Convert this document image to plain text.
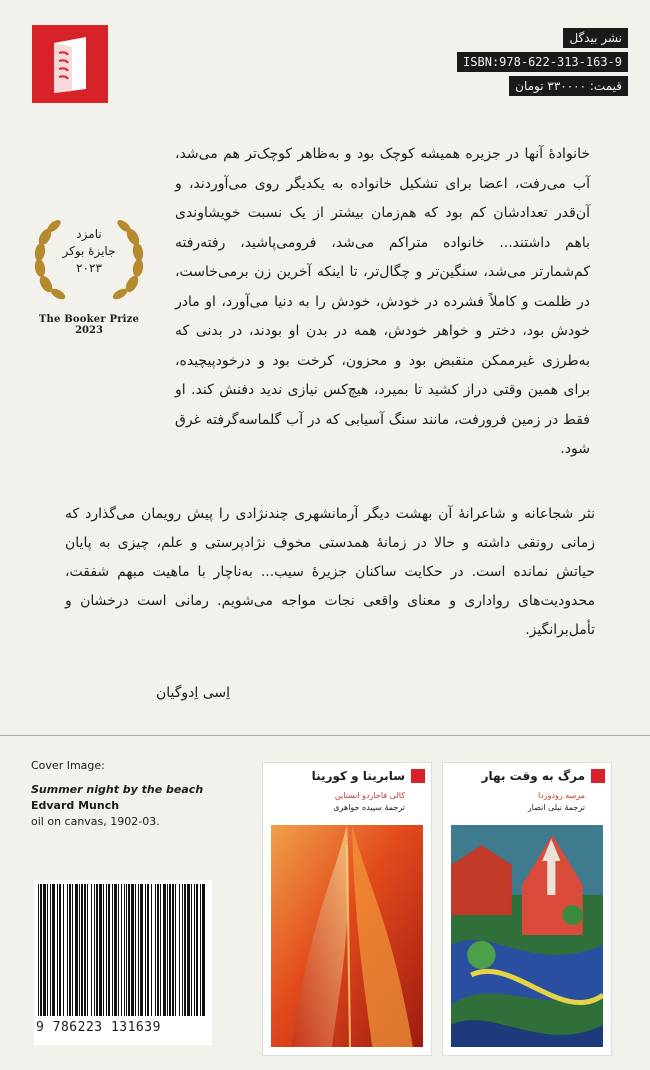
نشر بیدگل
ISBN:978-622-313-163-9
قیمت: ۳۳۰۰۰۰ تومان
خانوادهٔ آنها در جزیره همیشه کوچک بود و به‌ظاهر کوچک‌تر هم می‌شد، آب می‌رفت، اعضا برای تشکیل خانواده به یکدیگر روی می‌آوردند، و آن‌قدر تعدادشان کم بود که هم‌زمان بیشتر از یک نسبت خویشاوندی باهم داشتند... خانواده متراکم می‌شد، فرومی‌پاشید، رفته‌رفته کم‌شمارتر می‌شد، سنگین‌تر و چگال‌تر، تا اینکه آخرین زن برمی‌خاست، در ظلمت و کاملاً فشرده در خودش، خودش را به دنیا می‌آورد، او مادر خودش بود، دختر و خواهر خودش، همه در بدن او بودند، در بدنی که به‌طرزی غیرممکن منقبض بود و محزون، کرخت بود و درخودپیچیده، برای همین وقتی دراز کشید تا بمیرد، هیچ‌کس نیازی ندید دفنش کند. او فقط در زمین فرورفت، مانند سنگ آسیابی که در آب گلماسه‌گرفته غرق شود.
نامزد
جایزهٔ بوکر
۲۰۲۳
The Booker Prize
2023
نثر شجاعانه و شاعرانهٔ آن بهشت دیگر آرمانشهری چندنژادی را پیش رویمان می‌گذارد که زمانی رونقی داشته و حالا در زمانهٔ همدستی مخوف نژادپرستی و علم، چیزی به پایان حیاتش نمانده است. در حکایت ساکنان جزیرهٔ سیب... به‌ناچار با ماهیت مبهم شفقت، محدودیت‌های رواداری و معنای واقعی نجات مواجه می‌شویم. رمانی است درخشان و تأمل‌برانگیز.
اِسی اِدوگیان
Cover Image:
Summer night by the beach
Edvard Munch
oil on canvas, 1902-03.
9 786223 131639
سابرینا و کورینا
کالی فاجاردو انستاین
ترجمهٔ سپیده جواهری
مرگ به وقت بهار
مرسه رودوردا
ترجمهٔ نیلی انصار
